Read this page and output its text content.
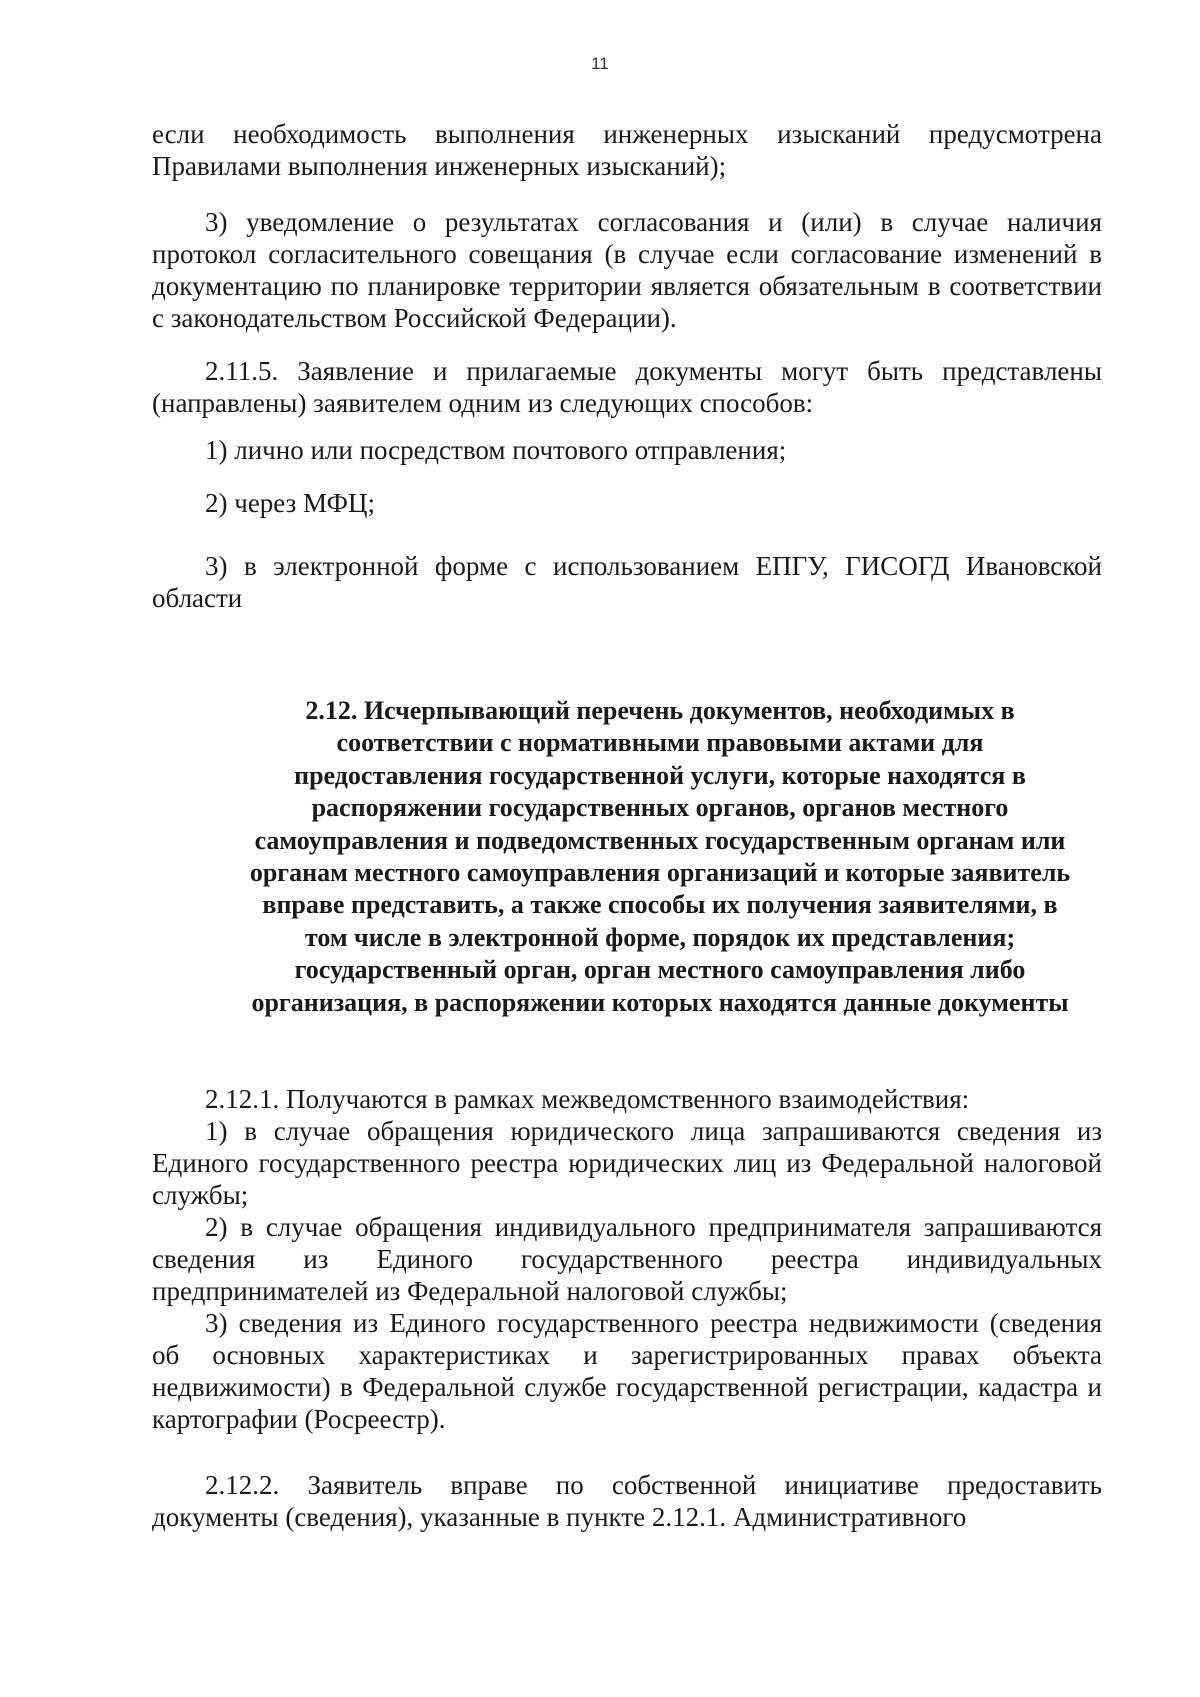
11

если необходимость выполнения инженерных изысканий предусмотрена Правилами выполнения инженерных изысканий);

3) уведомление о результатах согласования и (или) в случае наличия протокол согласительного совещания (в случае если согласование изменений в документацию по планировке территории является обязательным в соответствии с законодательством Российской Федерации).

2.11.5. Заявление и прилагаемые документы могут быть представлены (направлены) заявителем одним из следующих способов:

1) лично или посредством почтового отправления;

2) через МФЦ;

3) в электронной форме с использованием ЕПГУ, ГИСОГД Ивановской области

2.12. Исчерпывающий перечень документов, необходимых в соответствии с нормативными правовыми актами для предоставления государственной услуги, которые находятся в распоряжении государственных органов, органов местного самоуправления и подведомственных государственным органам или органам местного самоуправления организаций и которые заявитель вправе представить, а также способы их получения заявителями, в том числе в электронной форме, порядок их представления; государственный орган, орган местного самоуправления либо организация, в распоряжении которых находятся данные документы

2.12.1. Получаются в рамках межведомственного взаимодействия:

1) в случае обращения юридического лица запрашиваются сведения из Единого государственного реестра юридических лиц из Федеральной налоговой службы;

2) в случае обращения индивидуального предпринимателя запрашиваются сведения из Единого государственного реестра индивидуальных предпринимателей из Федеральной налоговой службы;

3) сведения из Единого государственного реестра недвижимости (сведения об основных характеристиках и зарегистрированных правах объекта недвижимости) в Федеральной службе государственной регистрации, кадастра и картографии (Росреестр).

2.12.2. Заявитель вправе по собственной инициативе предоставить документы (сведения), указанные в пункте 2.12.1. Административного
